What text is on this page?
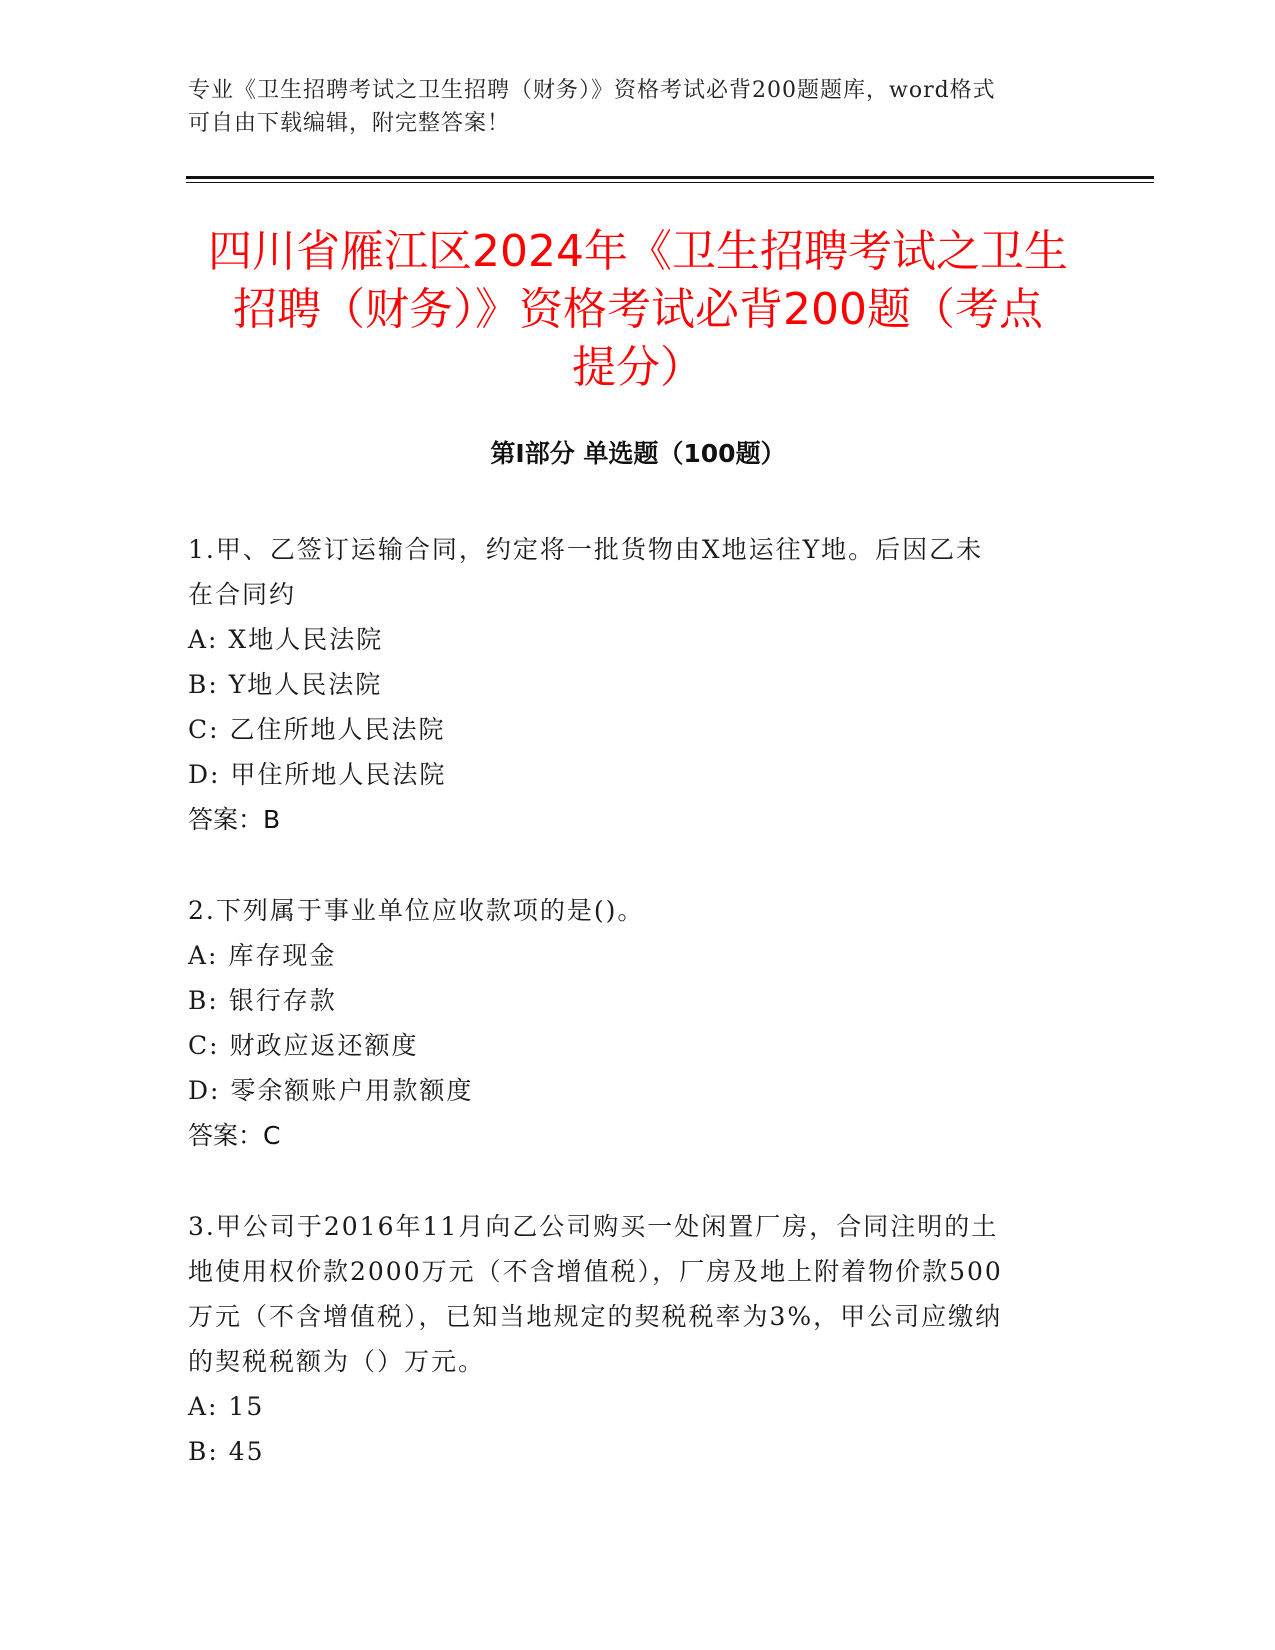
专业《卫生招聘考试之卫生招聘（财务）》资格考试必背200题题库，word格式
可自由下载编辑，附完整答案！
四川省雁江区2024年《卫生招聘考试之卫生
招聘（财务）》资格考试必背200题（考点
提分）
第Ⅰ部分 单选题（100题）
1.甲、乙签订运输合同，约定将一批货物由X地运往Y地。后因乙未
在合同约
A: X地人民法院
B: Y地人民法院
C: 乙住所地人民法院
D: 甲住所地人民法院
答案：B
2.下列属于事业单位应收款项的是()。
A: 库存现金
B: 银行存款
C: 财政应返还额度
D: 零余额账户用款额度
答案：C
3.甲公司于2016年11月向乙公司购买一处闲置厂房，合同注明的土
地使用权价款2000万元（不含增值税），厂房及地上附着物价款500
万元（不含增值税），已知当地规定的契税税率为3%，甲公司应缴纳
的契税税额为（）万元。
A: 15
B: 45
